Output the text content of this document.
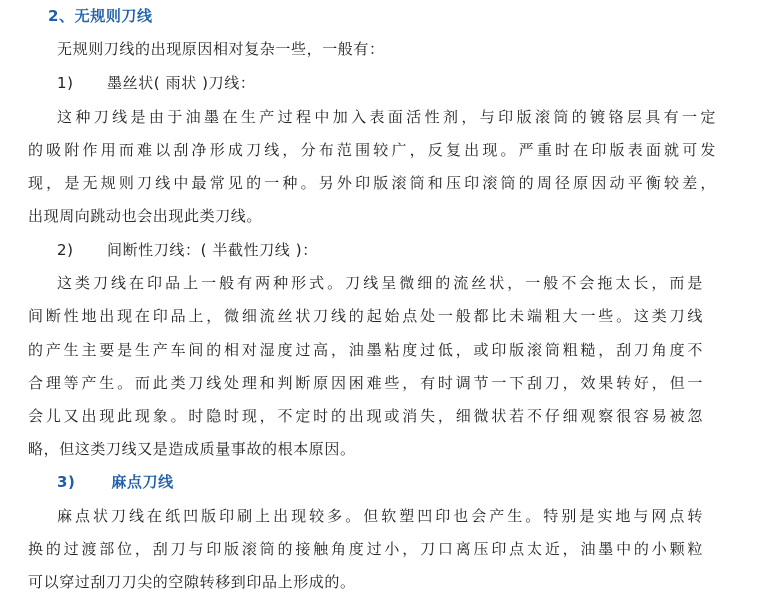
2、无规则刀线
无规则刀线的出现原因相对复杂一些，一般有：
1) 墨丝状( 雨状 )刀线：
这种刀线是由于油墨在生产过程中加入表面活性剂，与印版滚筒的镀铬层具有一定
的吸附作用而难以刮净形成刀线，分布范围较广，反复出现。严重时在印版表面就可发
现，是无规则刀线中最常见的一种。另外印版滚筒和压印滚筒的周径原因动平衡较差，
出现周向跳动也会出现此类刀线。
2) 间断性刀线：( 半截性刀线 )：
这类刀线在印品上一般有两种形式。刀线呈微细的流丝状，一般不会拖太长，而是
间断性地出现在印品上，微细流丝状刀线的起始点处一般都比未端粗大一些。这类刀线
的产生主要是生产车间的相对湿度过高，油墨粘度过低，或印版滚筒粗糙，刮刀角度不
合理等产生。而此类刀线处理和判断原因困难些，有时调节一下刮刀，效果转好，但一
会儿又出现此现象。时隐时现，不定时的出现或消失，细微状若不仔细观察很容易被忽
略，但这类刀线又是造成质量事故的根本原因。
3) 麻点刀线
麻点状刀线在纸凹版印刷上出现较多。但软塑凹印也会产生。特别是实地与网点转
换的过渡部位，刮刀与印版滚筒的接触角度过小，刀口离压印点太近，油墨中的小颗粒
可以穿过刮刀刀尖的空隙转移到印品上形成的。
